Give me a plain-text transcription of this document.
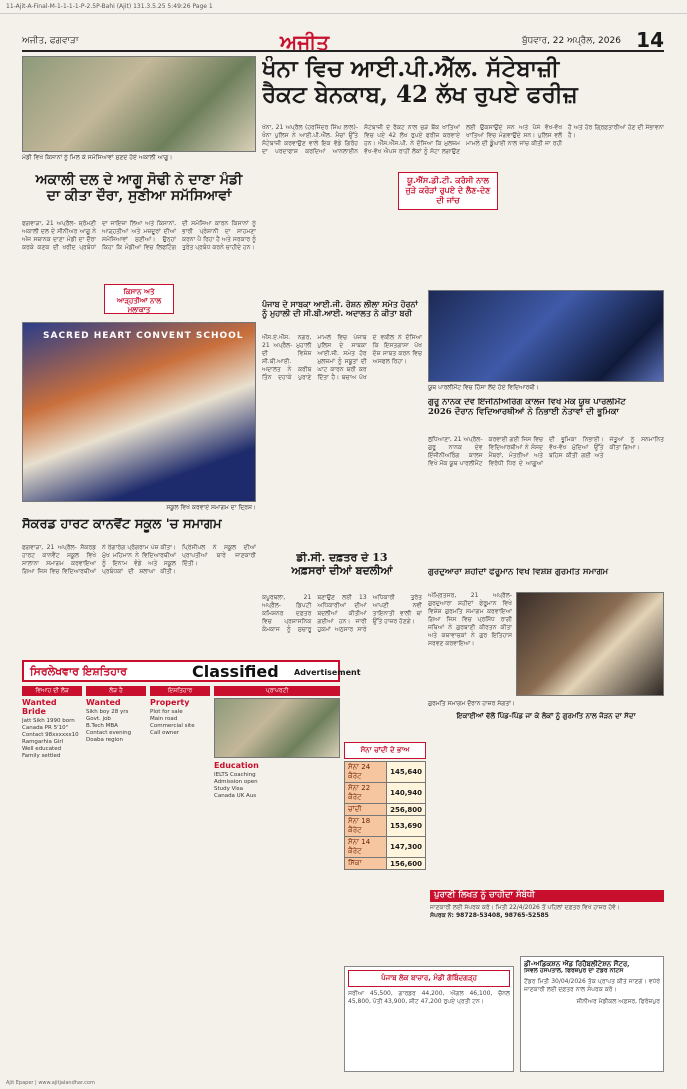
11-Ajit-A-Final-M-1-1-1-1-P-2.5P-Bahi (Ajit) 131.3.5.25 5:49:26 Page 1
ਅਜੀਤ, ਫਗਵਾੜਾ	ਅਜੀਤ	ਬੁੱਧਵਾਰ, 22 ਅਪ੍ਰੈਲ, 2026 14
ਮੰਡੀ ਵਿਖੇ ਕਿਸਾਨਾਂ ਨੂੰ ਮਿਲ ਕੇ ਸਮੱਸਿਆਵਾਂ ਸੁਣਦੇ ਹੋਏ ਅਕਾਲੀ ਆਗੂ।
ਅਕਾਲੀ ਦਲ ਦੇ ਆਗੂ ਸੋਢੀ ਨੇ ਦਾਣਾ ਮੰਡੀ
ਦਾ ਕੀਤਾ ਦੌਰਾ, ਸੁਣੀਆ ਸਮੱਸਿਆਵਾਂ
ਫਗਵਾੜਾ, 21 ਅਪ੍ਰੈਲ- ਸ਼੍ਰੋਮਣੀ ਅਕਾਲੀ ਦਲ ਦੇ ਸੀਨੀਅਰ ਆਗੂ ਨੇ ਅੱਜ ਸਥਾਨਕ ਦਾਣਾ ਮੰਡੀ ਦਾ ਦੌਰਾ ਕਰਕੇ ਕਣਕ ਦੀ ਖਰੀਦ ਪ੍ਰਬੰਧਾਂ ਦਾ ਜਾਇਜ਼ਾ ਲਿਆ ਅਤੇ ਕਿਸਾਨਾਂ, ਆੜ੍ਹਤੀਆਂ ਅਤੇ ਮਜ਼ਦੂਰਾਂ ਦੀਆਂ ਸਮੱਸਿਆਵਾਂ ਸੁਣੀਆਂ। ਉਨ੍ਹਾਂ ਕਿਹਾ ਕਿ ਮੰਡੀਆਂ ਵਿਚ ਲਿਫਟਿੰਗ ਦੀ ਸਮੱਸਿਆ ਕਾਰਨ ਕਿਸਾਨਾਂ ਨੂੰ ਭਾਰੀ ਪ੍ਰੇਸ਼ਾਨੀ ਦਾ ਸਾਹਮਣਾ ਕਰਨਾ ਪੈ ਰਿਹਾ ਹੈ ਅਤੇ ਸਰਕਾਰ ਨੂੰ ਤੁਰੰਤ ਪ੍ਰਬੰਧ ਕਰਨੇ ਚਾਹੀਦੇ ਹਨ।
ਕਿਸਾਨ ਅਤੇ ਆੜ੍ਹਤੀਆਂ ਨਾਲ ਮੁਲਾਕਾਤ
SACRED HEART CONVENT SCHOOL
ਸਕੂਲ ਵਿਖੇ ਕਰਵਾਏ ਸਮਾਗਮ ਦਾ ਦ੍ਰਿਸ਼।
ਸੈਕਰਡ ਹਾਰਟ ਕਾਨਵੈਂਟ ਸਕੂਲ 'ਚ ਸਮਾਗਮ
ਫਗਵਾੜਾ, 21 ਅਪ੍ਰੈਲ- ਸੈਕਰਡ ਹਾਰਟ ਕਾਨਵੈਂਟ ਸਕੂਲ ਵਿਖੇ ਸਾਲਾਨਾ ਸਮਾਗਮ ਕਰਵਾਇਆ ਗਿਆ ਜਿਸ ਵਿਚ ਵਿਦਿਆਰਥੀਆਂ ਨੇ ਰੰਗਾਰੰਗ ਪ੍ਰੋਗਰਾਮ ਪੇਸ਼ ਕੀਤਾ। ਮੁੱਖ ਮਹਿਮਾਨ ਨੇ ਵਿਦਿਆਰਥੀਆਂ ਨੂੰ ਇਨਾਮ ਵੰਡੇ ਅਤੇ ਸਕੂਲ ਪ੍ਰਬੰਧਕਾਂ ਦੀ ਸ਼ਲਾਘਾ ਕੀਤੀ। ਪ੍ਰਿੰਸੀਪਲ ਨੇ ਸਕੂਲ ਦੀਆਂ ਪ੍ਰਾਪਤੀਆਂ ਬਾਰੇ ਜਾਣਕਾਰੀ ਦਿੱਤੀ।
ਖੰਨਾ ਵਿਚ ਆਈ.ਪੀ.ਐੱਲ. ਸੱਟੇਬਾਜ਼ੀ
ਰੈਕਟ ਬੇਨਕਾਬ, 42 ਲੱਖ ਰੁਪਏ ਫਰੀਜ਼
ਖੰਨਾ, 21 ਅਪ੍ਰੈਲ (ਹਰਜਿੰਦਰ ਸਿੰਘ ਲਾਲ)- ਖੰਨਾ ਪੁਲਿਸ ਨੇ ਆਈ.ਪੀ.ਐੱਲ. ਮੈਚਾਂ ਉੱਤੇ ਸੱਟੇਬਾਜ਼ੀ ਕਰਵਾਉਣ ਵਾਲੇ ਇਕ ਵੱਡੇ ਗਿਰੋਹ ਦਾ ਪਰਦਾਫਾਸ਼ ਕਰਦਿਆਂ ਆਨਲਾਈਨ ਸੱਟੇਬਾਜ਼ੀ ਦੇ ਰੈਕਟ ਨਾਲ ਜੁੜੇ ਬੈਂਕ ਖਾਤਿਆਂ ਵਿਚ ਪਏ 42 ਲੱਖ ਰੁਪਏ ਫਰੀਜ਼ ਕਰਵਾਏ ਹਨ। ਐੱਸ.ਐੱਸ.ਪੀ. ਨੇ ਦੱਸਿਆ ਕਿ ਮੁਲਜ਼ਮ ਵੱਖ-ਵੱਖ ਐਪਸ ਰਾਹੀਂ ਲੋਕਾਂ ਨੂੰ ਸੱਟਾ ਲਗਾਉਣ ਲਈ ਉਕਸਾਉਂਦੇ ਸਨ ਅਤੇ ਪੈਸੇ ਵੱਖ-ਵੱਖ ਖਾਤਿਆਂ ਵਿਚ ਮੰਗਵਾਉਂਦੇ ਸਨ। ਪੁਲਿਸ ਵਲੋਂ ਮਾਮਲੇ ਦੀ ਡੂੰਘਾਈ ਨਾਲ ਜਾਂਚ ਕੀਤੀ ਜਾ ਰਹੀ ਹੈ ਅਤੇ ਹੋਰ ਗ੍ਰਿਫ਼ਤਾਰੀਆਂ ਹੋਣ ਦੀ ਸੰਭਾਵਨਾ ਹੈ।
ਯੂ.ਐੱਸ.ਡੀ.ਟੀ. ਕਰੰਸੀ ਨਾਲ ਜੁੜੇ ਕਰੋੜਾਂ ਰੁਪਏ ਦੇ ਲੈਣ-ਦੇਣ ਦੀ ਜਾਂਚ
ਪੰਜਾਬ ਦੇ ਸਾਬਕਾ ਆਈ.ਜੀ. ਰੋਸ਼ਨ ਲੀਲਾ ਸਮੇਤ ਹੋਰਨਾਂ
ਨੂੰ ਮੁਹਾਲੀ ਦੀ ਸੀ.ਬੀ.ਆਈ. ਅਦਾਲਤ ਨੇ ਕੀਤਾ ਬਰੀ
ਐੱਸ.ਏ.ਐੱਸ. ਨਗਰ, 21 ਅਪ੍ਰੈਲ- ਮੁਹਾਲੀ ਦੀ ਵਿਸ਼ੇਸ਼ ਸੀ.ਬੀ.ਆਈ. ਅਦਾਲਤ ਨੇ ਕਰੀਬ ਤਿੰਨ ਦਹਾਕੇ ਪੁਰਾਣੇ ਮਾਮਲੇ ਵਿਚ ਪੰਜਾਬ ਪੁਲਿਸ ਦੇ ਸਾਬਕਾ ਆਈ.ਜੀ. ਸਮੇਤ ਹੋਰ ਮੁਲਜ਼ਮਾਂ ਨੂੰ ਸਬੂਤਾਂ ਦੀ ਘਾਟ ਕਾਰਨ ਬਰੀ ਕਰ ਦਿੱਤਾ ਹੈ। ਬਚਾਅ ਪੱਖ ਦੇ ਵਕੀਲ ਨੇ ਦੱਸਿਆ ਕਿ ਇਸਤਗਾਸਾ ਪੱਖ ਦੋਸ਼ ਸਾਬਤ ਕਰਨ ਵਿਚ ਅਸਫਲ ਰਿਹਾ।
ਡੀ.ਸੀ. ਦਫ਼ਤਰ ਦੇ 13
ਅਫ਼ਸਰਾਂ ਦੀਆਂ ਬਦਲੀਆਂ
ਕਪੂਰਥਲਾ, 21 ਅਪ੍ਰੈਲ- ਡਿਪਟੀ ਕਮਿਸ਼ਨਰ ਦਫ਼ਤਰ ਵਿਚ ਪ੍ਰਸ਼ਾਸਨਿਕ ਕੰਮਕਾਜ ਨੂੰ ਸੁਚਾਰੂ ਬਣਾਉਣ ਲਈ 13 ਅਧਿਕਾਰੀਆਂ ਦੀਆਂ ਬਦਲੀਆਂ ਕੀਤੀਆਂ ਗਈਆਂ ਹਨ। ਜਾਰੀ ਹੁਕਮਾਂ ਅਨੁਸਾਰ ਸਾਰੇ ਅਧਿਕਾਰੀ ਤੁਰੰਤ ਆਪਣੀ ਨਵੀਂ ਤਾਇਨਾਤੀ ਵਾਲੀ ਥਾਂ ਉੱਤੇ ਹਾਜ਼ਰ ਹੋਣਗੇ।
ਯੂਥ ਪਾਰਲੀਮੈਂਟ ਵਿਚ ਹਿੱਸਾ ਲੈਂਦੇ ਹੋਏ ਵਿਦਿਆਰਥੀ।
ਗੁਰੂ ਨਾਨਕ ਦੇਵ ਇੰਜੀਨੀਅਰਿੰਗ ਕਾਲਜ ਵਿਖੇ ਮੌਕ ਯੂਥ ਪਾਰਲੀਮੈਂਟ
2026 ਦੌਰਾਨ ਵਿਦਿਆਰਥੀਆਂ ਨੇ ਨਿਭਾਈ ਨੇਤਾਵਾਂ ਦੀ ਭੂਮਿਕਾ
ਲੁਧਿਆਣਾ, 21 ਅਪ੍ਰੈਲ- ਗੁਰੂ ਨਾਨਕ ਦੇਵ ਇੰਜੀਨੀਅਰਿੰਗ ਕਾਲਜ ਵਿਖੇ ਮੌਕ ਯੂਥ ਪਾਰਲੀਮੈਂਟ ਕਰਵਾਈ ਗਈ ਜਿਸ ਵਿਚ ਵਿਦਿਆਰਥੀਆਂ ਨੇ ਸੰਸਦ ਮੈਂਬਰਾਂ, ਮੰਤਰੀਆਂ ਅਤੇ ਵਿਰੋਧੀ ਧਿਰ ਦੇ ਆਗੂਆਂ ਦੀ ਭੂਮਿਕਾ ਨਿਭਾਈ। ਵੱਖ-ਵੱਖ ਮੁੱਦਿਆਂ ਉੱਤੇ ਬਹਿਸ ਕੀਤੀ ਗਈ ਅਤੇ ਜੇਤੂਆਂ ਨੂੰ ਸਨਮਾਨਿਤ ਕੀਤਾ ਗਿਆ।
ਗੁਰਦੁਆਰਾ ਸ਼ਹੀਦਾਂ ਫੇਰੂਮਾਨ ਵਿਖੇ ਵਿਸ਼ੇਸ਼ ਗੁਰਮਤਿ ਸਮਾਗਮ
ਅੰਮ੍ਰਿਤਸਰ, 21 ਅਪ੍ਰੈਲ- ਗੁਰਦੁਆਰਾ ਸ਼ਹੀਦਾਂ ਫੇਰੂਮਾਨ ਵਿਖੇ ਵਿਸ਼ੇਸ਼ ਗੁਰਮਤਿ ਸਮਾਗਮ ਕਰਵਾਇਆ ਗਿਆ ਜਿਸ ਵਿਚ ਪ੍ਰਸਿੱਧ ਰਾਗੀ ਜਥਿਆਂ ਨੇ ਗੁਰਬਾਣੀ ਕੀਰਤਨ ਕੀਤਾ ਅਤੇ ਕਥਾਵਾਚਕਾਂ ਨੇ ਗੁਰ ਇਤਿਹਾਸ ਸਰਵਣ ਕਰਵਾਇਆ।
ਗੁਰਮਤਿ ਸਮਾਗਮ ਦੌਰਾਨ ਹਾਜ਼ਰ ਸੰਗਤਾਂ।
ਇਕਾਈਆਂ ਵੱਲੋਂ ਪਿੰਡ-ਪਿੰਡ ਜਾ ਕੇ ਲੋਕਾਂ ਨੂੰ ਗੁਰਮਤਿ ਨਾਲ ਜੋੜਨ ਦਾ ਸੱਦਾ
ਸਿਰਲੇਖਵਾਰ ਇਸ਼ਤਿਹਾਰ	Classified Advertisement
ਵਿਆਹ ਦੀ ਲੋੜ
Wanted Bride
Jatt Sikh 1990 born
Canada PR 5'10"
Contact 98xxxxxx10
Ramgarhia Girl
Well educated
Family settled
ਲੋੜ ਹੈ
Wanted
Sikh boy 28 yrs
Govt. job
B.Tech MBA
Contact evening
Doaba region
ਇਸ਼ਤਿਹਾਰ
Property
Plot for sale
Main road
Commercial site
Call owner
ਪ੍ਰਾਪਰਟੀ
Education
IELTS Coaching
Admission open
Study Visa
Canada UK Aus
ਸੋਨਾ ਚਾਂਦੀ ਦੇ ਭਾਅ
ਸੋਨਾ 24 ਕੈਰੇਟ	145,640
ਸੋਨਾ 22 ਕੈਰੇਟ	140,940
ਚਾਂਦੀ	256,800
ਸੋਨਾ 18 ਕੈਰੇਟ	153,690
ਸੋਨਾ 14 ਕੈਰੇਟ	147,300
ਸਿੱਕਾ	156,600
ਪੰਜਾਬ ਲੋਕ ਬਾਜ਼ਾਰ, ਮੰਡੀ ਗੋਬਿੰਦਗੜ੍ਹ
ਸਰੀਆ 45,500, ਗਾਰਡਰ 44,200, ਐਂਗਲ 46,100, ਚੈਨਲ 45,800, ਪੱਤੀ 43,900, ਸ਼ੀਟ 47,200 ਰੁਪਏ ਪ੍ਰਤੀ ਟਨ।
ਪੁਰਾਣੀ ਲਿਖਤ ਨੂੰ ਚਾਹੀਦਾ ਸੰਬੰਧੀ
ਜਾਣਕਾਰੀ ਲਈ ਸੰਪਰਕ ਕਰੋ। ਮਿਤੀ 22/4/2026 ਤੋਂ ਪਹਿਲਾਂ ਦਫ਼ਤਰ ਵਿਖੇ ਹਾਜ਼ਰ ਹੋਵੋ।
ਸੰਪਰਕ ਨੰ: 98728-53408, 98765-52585
ਡੀ-ਅਡਿਕਸ਼ਨ ਐਂਡ ਰਿਹੈਬਲੀਟੇਸ਼ਨ ਸੈਂਟਰ,
ਸਿਵਲ ਹਸਪਤਾਲ, ਫਿਰੋਜ਼ਪੁਰ ਦਾ ਟੈਂਡਰ ਨੋਟਿਸ
ਟੈਂਡਰ ਮਿਤੀ 30/04/2026 ਤੱਕ ਪ੍ਰਾਪਤ ਕੀਤੇ ਜਾਣਗੇ। ਵਧੇਰੇ ਜਾਣਕਾਰੀ ਲਈ ਦਫ਼ਤਰ ਨਾਲ ਸੰਪਰਕ ਕਰੋ।
ਸੀਨੀਅਰ ਮੈਡੀਕਲ ਅਫ਼ਸਰ, ਫਿਰੋਜ਼ਪੁਰ
Ajit Epaper | www.ajitjalandhar.com
